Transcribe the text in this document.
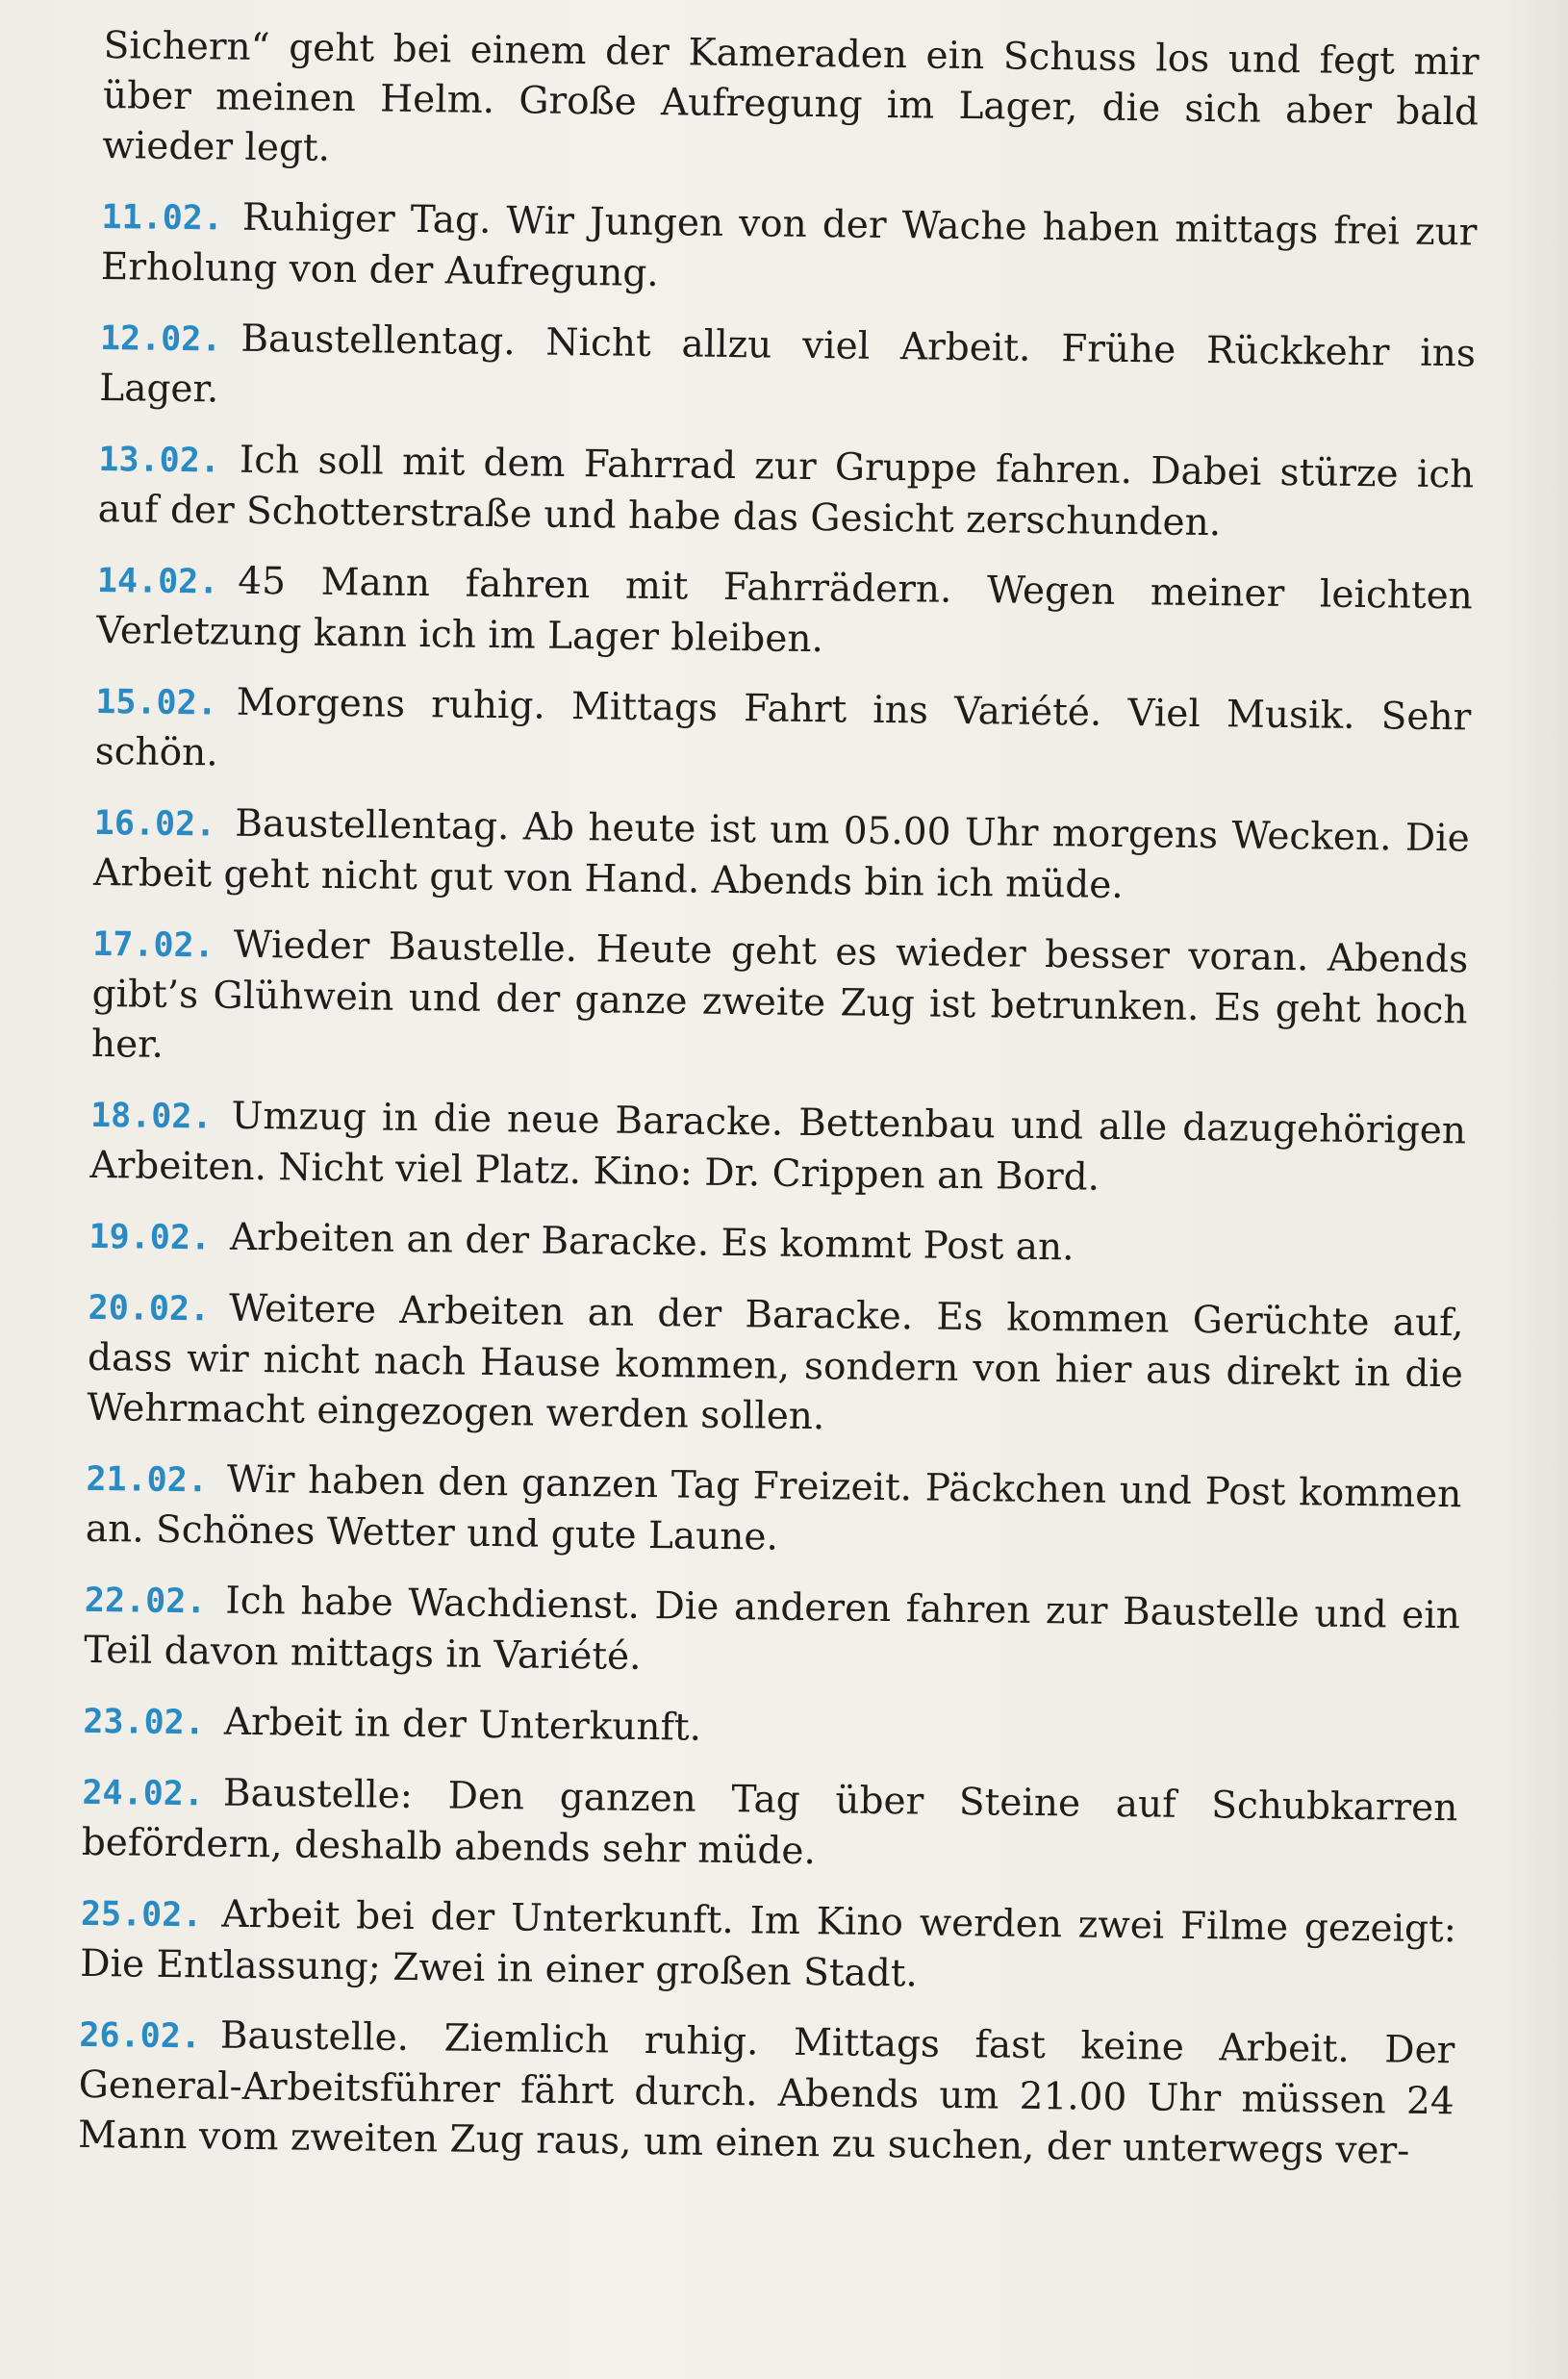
Sichern“ geht bei einem der Kameraden ein Schuss los und fegt mir über meinen Helm. Große Aufregung im Lager, die sich aber bald wieder legt.

11.02. Ruhiger Tag. Wir Jungen von der Wache haben mittags frei zur Erholung von der Aufregung.

12.02. Baustellentag. Nicht allzu viel Arbeit. Frühe Rückkehr ins Lager.

13.02. Ich soll mit dem Fahrrad zur Gruppe fahren. Dabei stürze ich auf der Schotterstraße und habe das Gesicht zerschunden.

14.02. 45 Mann fahren mit Fahrrädern. Wegen meiner leichten Verletzung kann ich im Lager bleiben.

15.02. Morgens ruhig. Mittags Fahrt ins Variété. Viel Musik. Sehr schön.

16.02. Baustellentag. Ab heute ist um 05.00 Uhr morgens Wecken. Die Arbeit geht nicht gut von Hand. Abends bin ich müde.

17.02. Wieder Baustelle. Heute geht es wieder besser voran. Abends gibt’s Glühwein und der ganze zweite Zug ist betrunken. Es geht hoch her.

18.02. Umzug in die neue Baracke. Bettenbau und alle dazugehörigen Arbeiten. Nicht viel Platz. Kino: Dr. Crippen an Bord.

19.02. Arbeiten an der Baracke. Es kommt Post an.

20.02. Weitere Arbeiten an der Baracke. Es kommen Gerüchte auf, dass wir nicht nach Hause kommen, sondern von hier aus direkt in die Wehrmacht eingezogen werden sollen.

21.02. Wir haben den ganzen Tag Freizeit. Päckchen und Post kommen an. Schönes Wetter und gute Laune.

22.02. Ich habe Wachdienst. Die anderen fahren zur Baustelle und ein Teil davon mittags in Variété.

23.02. Arbeit in der Unterkunft.

24.02. Baustelle: Den ganzen Tag über Steine auf Schubkarren befördern, deshalb abends sehr müde.

25.02. Arbeit bei der Unterkunft. Im Kino werden zwei Filme gezeigt: Die Entlassung; Zwei in einer großen Stadt.

26.02. Baustelle. Ziemlich ruhig. Mittags fast keine Arbeit. Der General-Arbeitsführer fährt durch. Abends um 21.00 Uhr müssen 24 Mann vom zweiten Zug raus, um einen zu suchen, der unterwegs ver-
